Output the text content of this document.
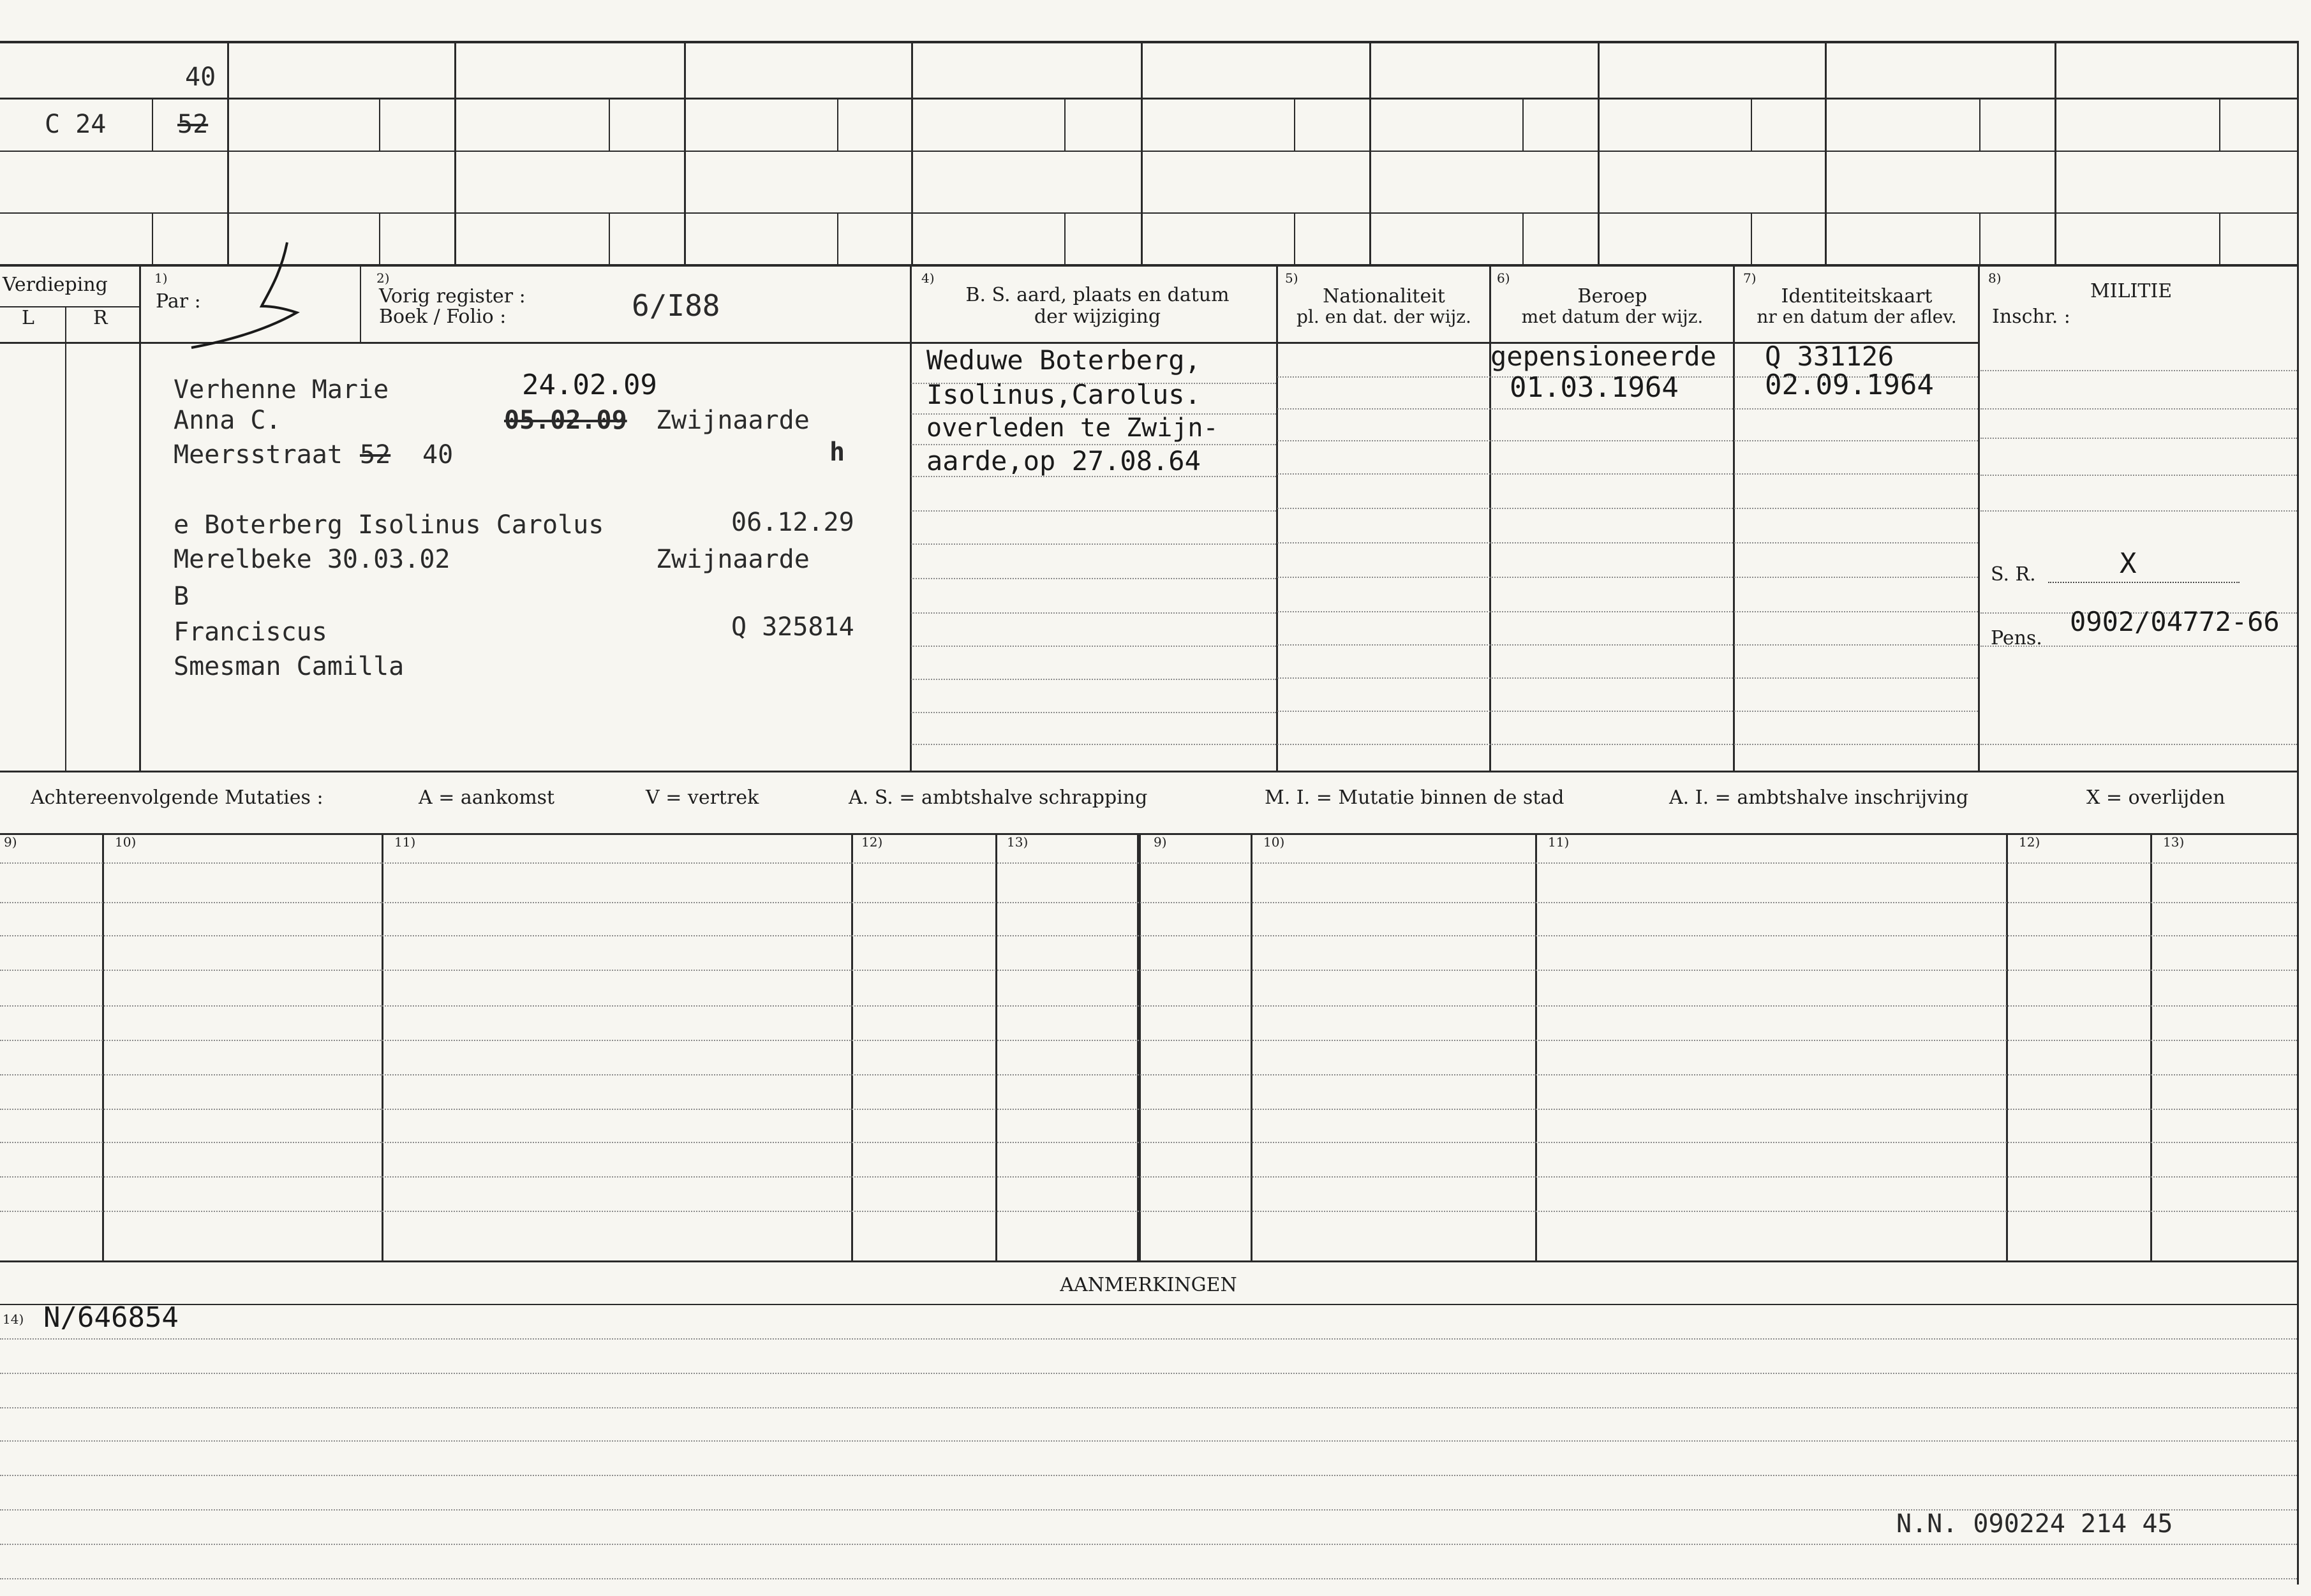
40
C 24	52
Verdieping
L	R
1)
Par :
2)
Vorig register :
Boek / Folio :	6/I88
4)
B. S. aard, plaats en datum
der wijziging
5)
Nationaliteit
pl. en dat. der wijz.
6)
Beroep
met datum der wijz.
7)
Identiteitskaart
nr en datum der aflev.
8)
MILITIE
Inschr. :
Verhenne Marie	24.02.09
Anna C.	05.02.09 Zwijnaarde
Meersstraat 52 40	h
e Boterberg Isolinus Carolus	06.12.29
Merelbeke 30.03.02	Zwijnaarde
B
Franciscus	Q 325814
Smesman Camilla
Weduwe Boterberg,
Isolinus,Carolus.
overleden te Zwijn-
aarde,op 27.08.64
gepensioneerde
01.03.1964
Q 331126
02.09.1964
S. R.	X
Pens.
0902/04772-66
Achtereenvolgende Mutaties :	A = aankomst	V = vertrek	A. S. = ambtshalve schrapping	M. I. = Mutatie binnen de stad	A. I. = ambtshalve inschrijving	X = overlijden
9)	10)	11)	12)	13)	9)	10)	11)	12)	13)
AANMERKINGEN
14) N/646854
N.N. 090224 214 45
